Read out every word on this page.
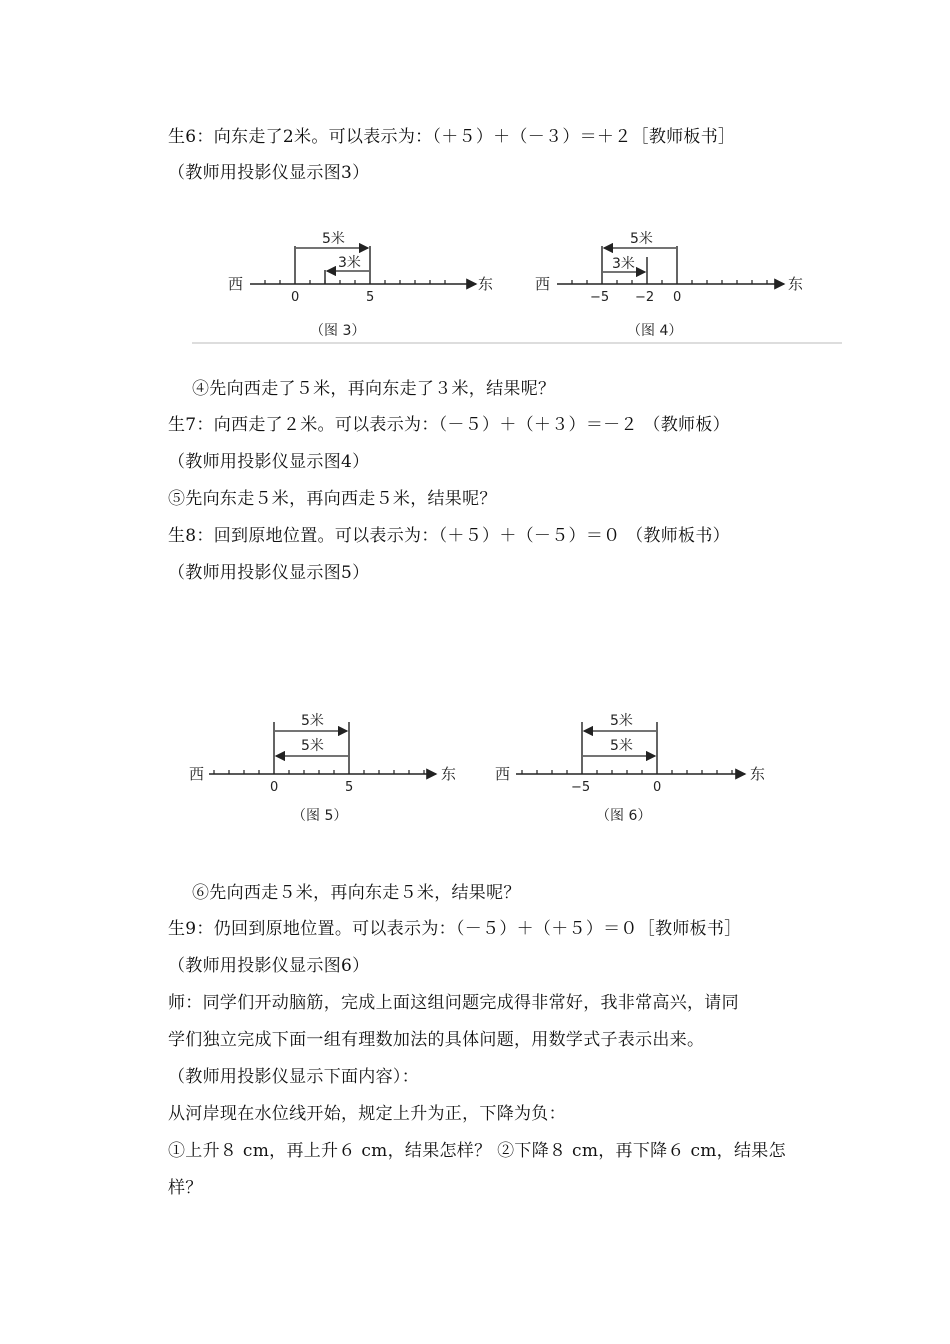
生6：向东走了2米。可以表示为：（＋５）＋（－３）＝＋２［教师板书］
（教师用投影仪显示图3）
西	东
5米
3米
0	5
（图 3）
西	东
5米
3米
−5 −2 0
（图 4）
西	东
5米
5米
0	5
（图 5）
西	东
5米
5米
−5	0
（图 6）
④先向西走了５米，再向东走了３米，结果呢？
生7：向西走了２米。可以表示为：（－５）＋（＋３）＝－２ （教师板）
（教师用投影仪显示图4）
⑤先向东走５米，再向西走５米，结果呢？
生8：回到原地位置。可以表示为：（＋５）＋（－５）＝０ （教师板书）
（教师用投影仪显示图5）
⑥先向西走５米，再向东走５米，结果呢？
生9：仍回到原地位置。可以表示为：（－５）＋（＋５）＝０［教师板书］
（教师用投影仪显示图6）
师：同学们开动脑筋，完成上面这组问题完成得非常好，我非常高兴，请同
学们独立完成下面一组有理数加法的具体问题，用数学式子表示出来。
（教师用投影仪显示下面内容）：
从河岸现在水位线开始，规定上升为正，下降为负：
①上升８ cm，再上升６ cm，结果怎样？ ②下降８ cm，再下降６ cm，结果怎
样？
